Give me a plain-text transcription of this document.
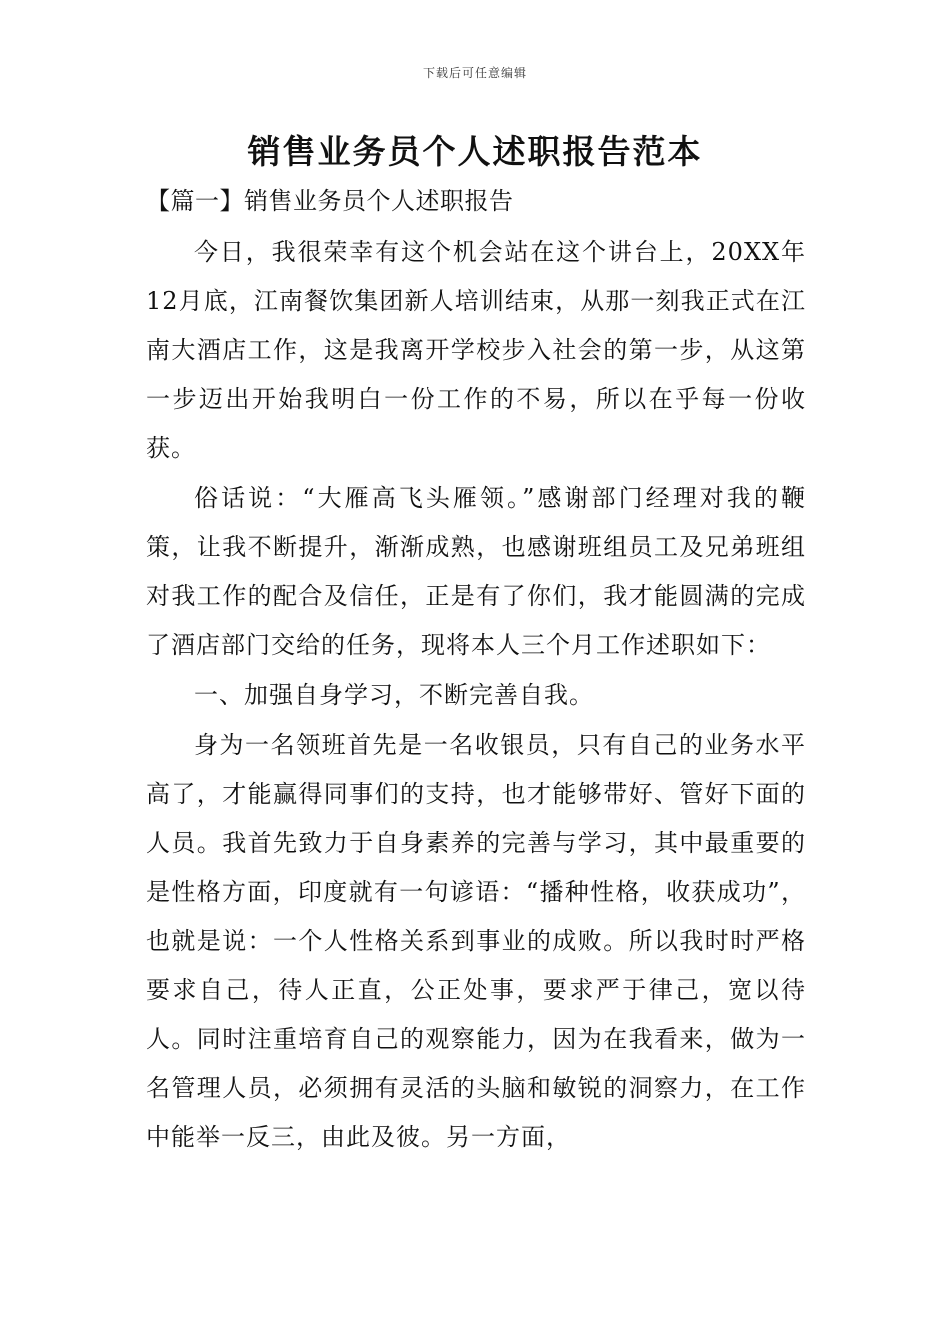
下载后可任意编辑
销售业务员个人述职报告范本
【篇一】销售业务员个人述职报告

今日，我很荣幸有这个机会站在这个讲台上，20XX年12月底，江南餐饮集团新人培训结束，从那一刻我正式在江南大酒店工作，这是我离开学校步入社会的第一步，从这第一步迈出开始我明白一份工作的不易，所以在乎每一份收获。

俗话说：“大雁高飞头雁领。”感谢部门经理对我的鞭策，让我不断提升，渐渐成熟，也感谢班组员工及兄弟班组对我工作的配合及信任，正是有了你们，我才能圆满的完成了酒店部门交给的任务，现将本人三个月工作述职如下：

一、加强自身学习，不断完善自我。

身为一名领班首先是一名收银员，只有自己的业务水平高了，才能赢得同事们的支持，也才能够带好、管好下面的人员。我首先致力于自身素养的完善与学习，其中最重要的是性格方面，印度就有一句谚语：“播种性格，收获成功”，也就是说：一个人性格关系到事业的成败。所以我时时严格要求自己，待人正直，公正处事，要求严于律己，宽以待人。同时注重培育自己的观察能力，因为在我看来，做为一名管理人员，必须拥有灵活的头脑和敏锐的洞察力，在工作中能举一反三，由此及彼。另一方面，
